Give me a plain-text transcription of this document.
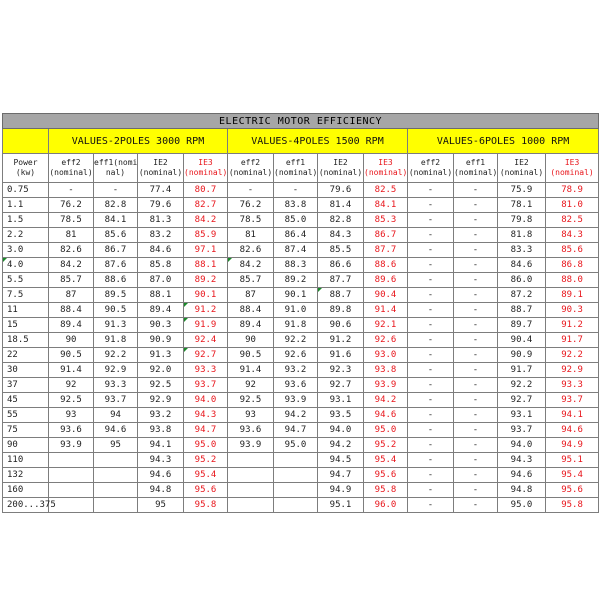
ELECTRIC MOTOR EFFICIENCY												
	VALUES-2POLES 3000 RPM				VALUES-4POLES 1500 RPM				VALUES-6POLES 1000 RPM			
Power (kw)	eff2 (nominal)	eff1(nomi nal)	IE2 (nominal)	IE3 (nominal)	eff2 (nominal)	eff1 (nominal)	IE2 (nominal)	IE3 (nominal)	eff2 (nominal)	eff1 (nominal)	IE2 (nominal)	IE3 (nominal)
0.75	-	-	77.4	80.7	-	-	79.6	82.5	-	-	75.9	78.9
1.1	76.2	82.8	79.6	82.7	76.2	83.8	81.4	84.1	-	-	78.1	81.0
1.5	78.5	84.1	81.3	84.2	78.5	85.0	82.8	85.3	-	-	79.8	82.5
2.2	81	85.6	83.2	85.9	81	86.4	84.3	86.7	-	-	81.8	84.3
3.0	82.6	86.7	84.6	97.1	82.6	87.4	85.5	87.7	-	-	83.3	85.6
4.0	84.2	87.6	85.8	88.1	84.2	88.3	86.6	88.6	-	-	84.6	86.8
5.5	85.7	88.6	87.0	89.2	85.7	89.2	87.7	89.6	-	-	86.0	88.0
7.5	87	89.5	88.1	90.1	87	90.1	88.7	90.4	-	-	87.2	89.1
11	88.4	90.5	89.4	91.2	88.4	91.0	89.8	91.4	-	-	88.7	90.3
15	89.4	91.3	90.3	91.9	89.4	91.8	90.6	92.1	-	-	89.7	91.2
18.5	90	91.8	90.9	92.4	90	92.2	91.2	92.6	-	-	90.4	91.7
22	90.5	92.2	91.3	92.7	90.5	92.6	91.6	93.0	-	-	90.9	92.2
30	91.4	92.9	92.0	93.3	91.4	93.2	92.3	93.8	-	-	91.7	92.9
37	92	93.3	92.5	93.7	92	93.6	92.7	93.9	-	-	92.2	93.3
45	92.5	93.7	92.9	94.0	92.5	93.9	93.1	94.2	-	-	92.7	93.7
55	93	94	93.2	94.3	93	94.2	93.5	94.6	-	-	93.1	94.1
75	93.6	94.6	93.8	94.7	93.6	94.7	94.0	95.0	-	-	93.7	94.6
90	93.9	95	94.1	95.0	93.9	95.0	94.2	95.2	-	-	94.0	94.9
110			94.3	95.2			94.5	95.4	-	-	94.3	95.1
132			94.6	95.4			94.7	95.6	-	-	94.6	95.4
160			94.8	95.6			94.9	95.8	-	-	94.8	95.6
200...375			95	95.8			95.1	96.0	-	-	95.0	95.8
